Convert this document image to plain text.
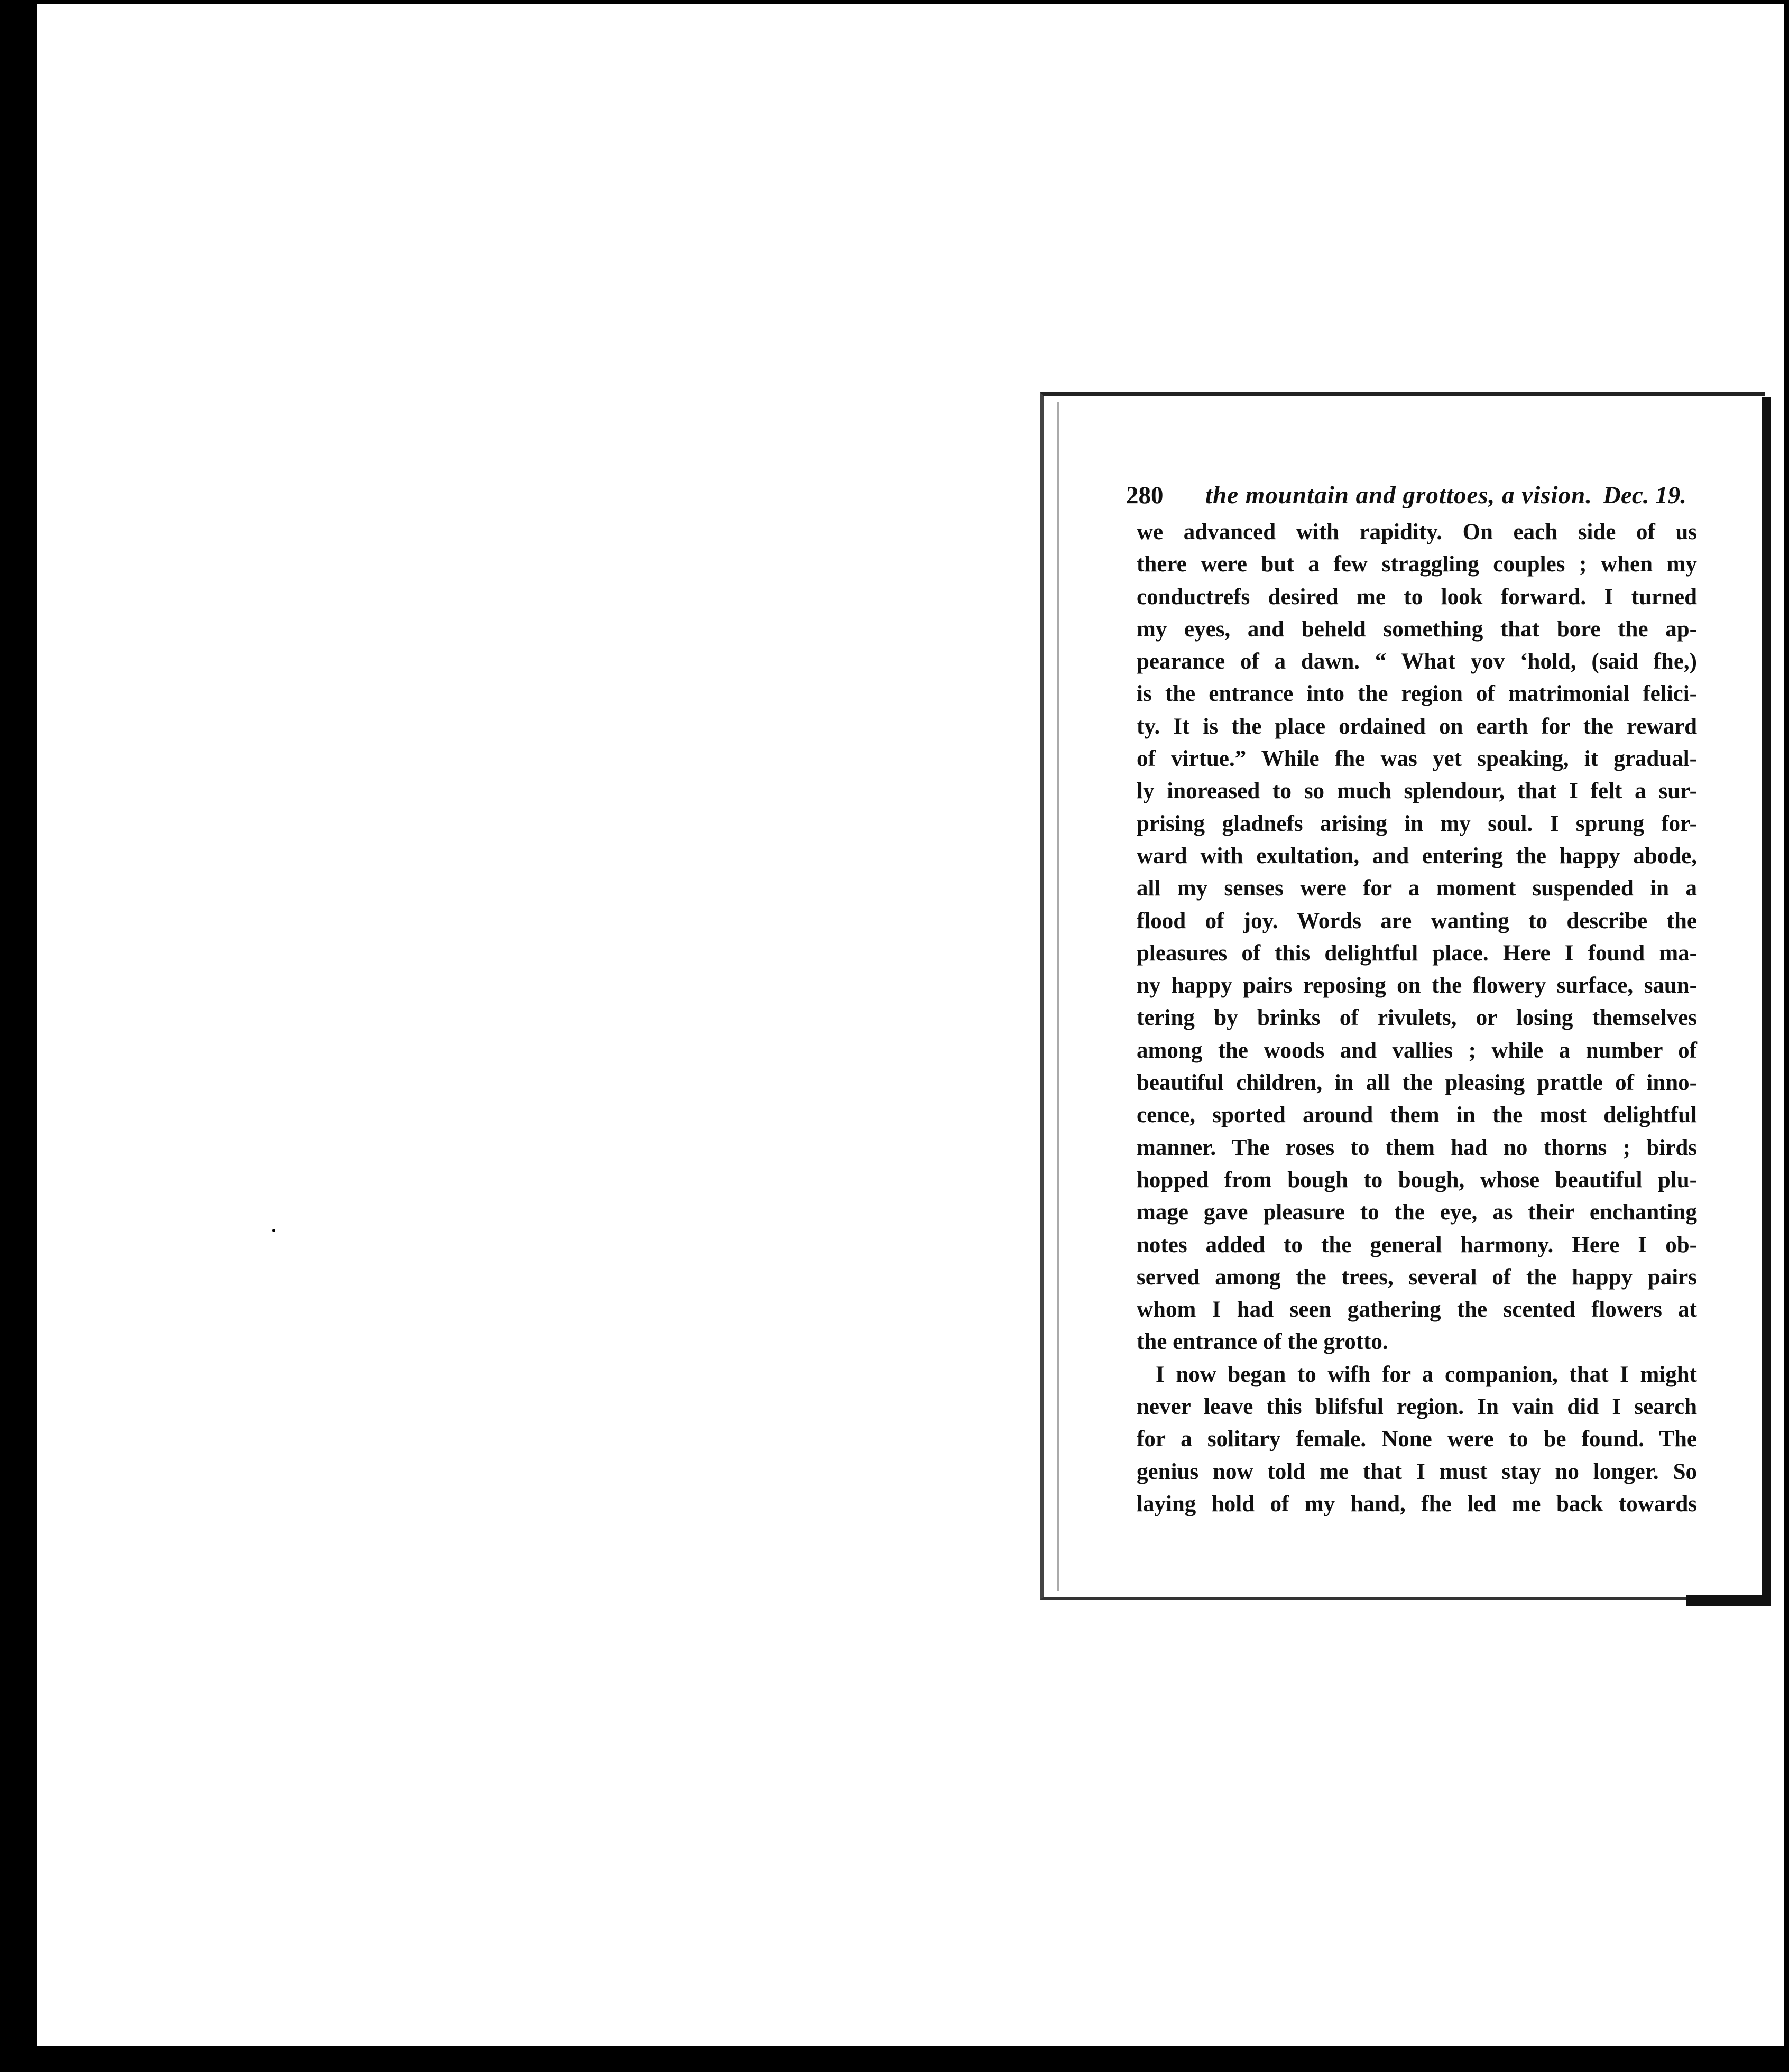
280 the mountain and grottoes, a vision. Dec. 19.
we advanced with rapidity. On each side of us
there were but a few straggling couples ; when my
conductrefs desired me to look forward. I turned
my eyes, and beheld something that bore the ap-
pearance of a dawn. “ What yov ‘hold, (said fhe,)
is the entrance into the region of matrimonial felici-
ty. It is the place ordained on earth for the reward
of virtue.” While fhe was yet speaking, it gradual-
ly inoreased to so much splendour, that I felt a sur-
prising gladnefs arising in my soul. I sprung for-
ward with exultation, and entering the happy abode,
all my senses were for a moment suspended in a
flood of joy. Words are wanting to describe the
pleasures of this delightful place. Here I found ma-
ny happy pairs reposing on the flowery surface, saun-
tering by brinks of rivulets, or losing themselves
among the woods and vallies ; while a number of
beautiful children, in all the pleasing prattle of inno-
cence, sported around them in the most delightful
manner. The roses to them had no thorns ; birds
hopped from bough to bough, whose beautiful plu-
mage gave pleasure to the eye, as their enchanting
notes added to the general harmony. Here I ob-
served among the trees, several of the happy pairs
whom I had seen gathering the scented flowers at
the entrance of the grotto.
I now began to wifh for a companion, that I might
never leave this blifsful region. In vain did I search
for a solitary female. None were to be found. The
genius now told me that I must stay no longer. So
laying hold of my hand, fhe led me back towards
